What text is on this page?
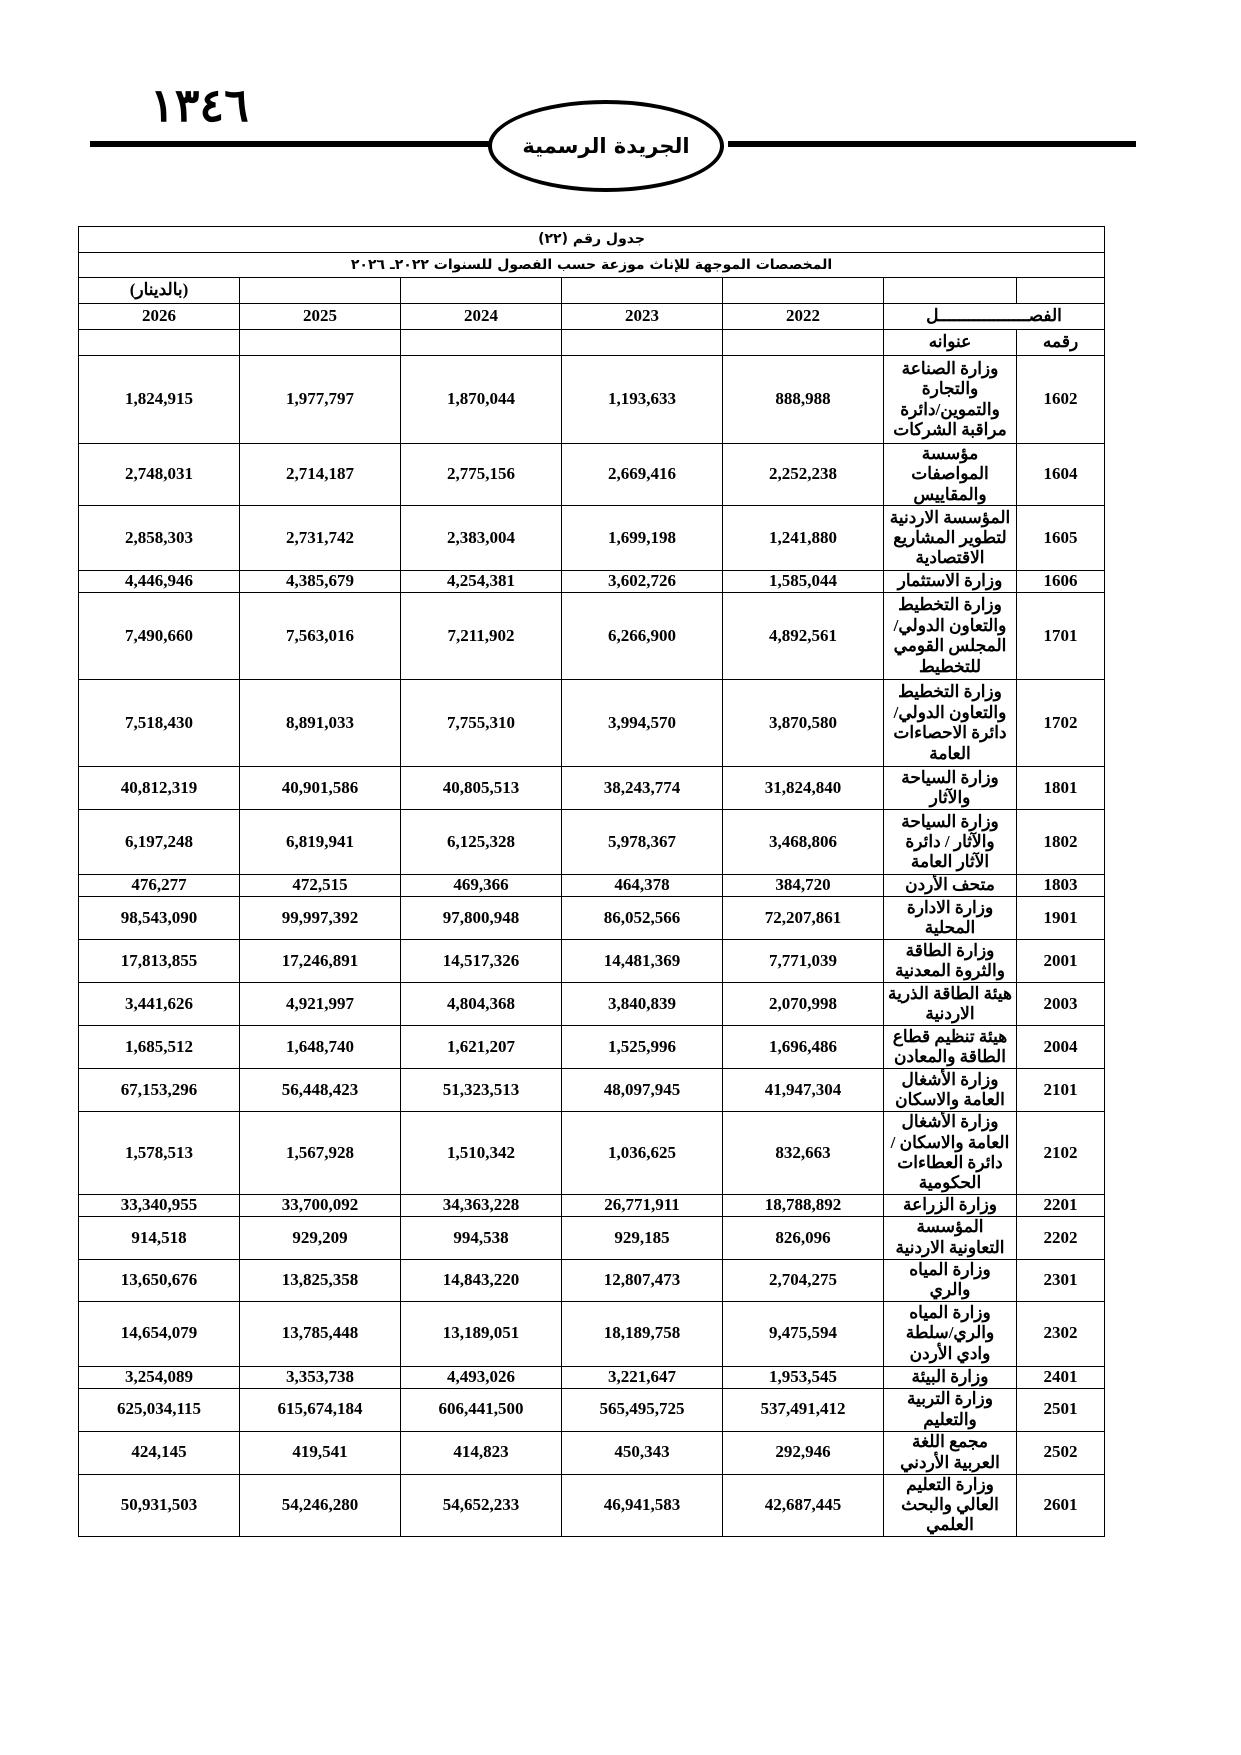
١٣٤٦
الجريدة الرسمية
جدول رقم (٢٢)						
المخصصات الموجهة للإناث موزعة حسب الفصول للسنوات ٢٠٢٢ـ ٢٠٢٦						
(بالدينار)						
2026	2025	2024	2023	2022	الفصــــــــــــــــــل	
					عنوانه	رقمه
1,824,915	1,977,797	1,870,044	1,193,633	888,988	وزارة الصناعة والتجارة والتموين/دائرة مراقبة الشركات	1602
2,748,031	2,714,187	2,775,156	2,669,416	2,252,238	مؤسسة المواصفات والمقاييس	1604
2,858,303	2,731,742	2,383,004	1,699,198	1,241,880	المؤسسة الاردنية لتطوير المشاريع الاقتصادية	1605
4,446,946	4,385,679	4,254,381	3,602,726	1,585,044	وزارة الاستثمار	1606
7,490,660	7,563,016	7,211,902	6,266,900	4,892,561	وزارة التخطيط والتعاون الدولي/ المجلس القومي للتخطيط	1701
7,518,430	8,891,033	7,755,310	3,994,570	3,870,580	وزارة التخطيط والتعاون الدولي/ دائرة الاحصاءات العامة	1702
40,812,319	40,901,586	40,805,513	38,243,774	31,824,840	وزارة السياحة والآثار	1801
6,197,248	6,819,941	6,125,328	5,978,367	3,468,806	وزارة السياحة والآثار / دائرة الآثار العامة	1802
476,277	472,515	469,366	464,378	384,720	متحف الأردن	1803
98,543,090	99,997,392	97,800,948	86,052,566	72,207,861	وزارة الادارة المحلية	1901
17,813,855	17,246,891	14,517,326	14,481,369	7,771,039	وزارة الطاقة والثروة المعدنية	2001
3,441,626	4,921,997	4,804,368	3,840,839	2,070,998	هيئة الطاقة الذرية الاردنية	2003
1,685,512	1,648,740	1,621,207	1,525,996	1,696,486	هيئة تنظيم قطاع الطاقة والمعادن	2004
67,153,296	56,448,423	51,323,513	48,097,945	41,947,304	وزارة الأشغال العامة والاسكان	2101
1,578,513	1,567,928	1,510,342	1,036,625	832,663	وزارة الأشغال العامة والاسكان / دائرة العطاءات الحكومية	2102
33,340,955	33,700,092	34,363,228	26,771,911	18,788,892	وزارة الزراعة	2201
914,518	929,209	994,538	929,185	826,096	المؤسسة التعاونية الاردنية	2202
13,650,676	13,825,358	14,843,220	12,807,473	2,704,275	وزارة المياه والري	2301
14,654,079	13,785,448	13,189,051	18,189,758	9,475,594	وزارة المياه والري/سلطة وادي الأردن	2302
3,254,089	3,353,738	4,493,026	3,221,647	1,953,545	وزارة البيئة	2401
625,034,115	615,674,184	606,441,500	565,495,725	537,491,412	وزارة التربية والتعليم	2501
424,145	419,541	414,823	450,343	292,946	مجمع اللغة العربية الأردني	2502
50,931,503	54,246,280	54,652,233	46,941,583	42,687,445	وزارة التعليم العالي والبحث العلمي	2601
